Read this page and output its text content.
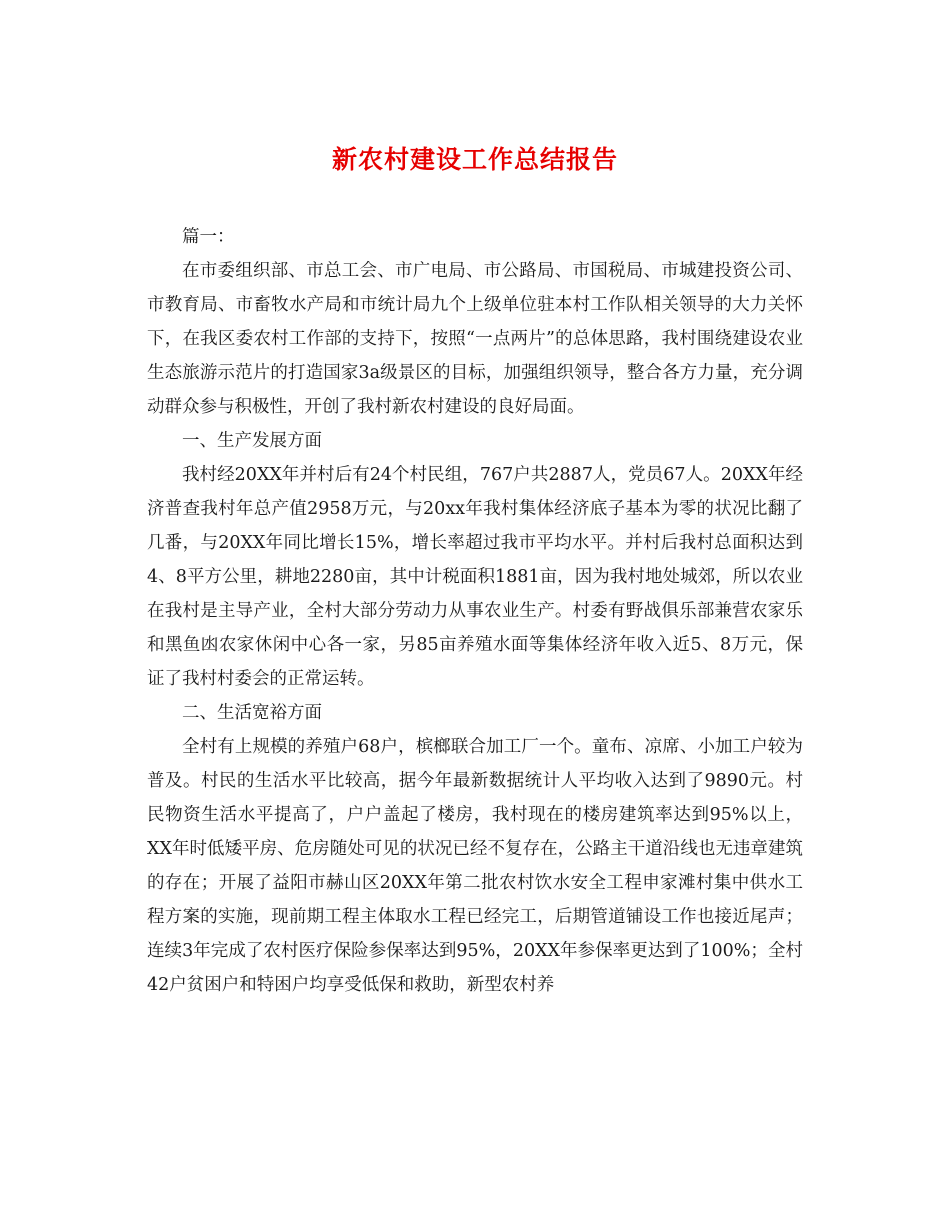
新农村建设工作总结报告

篇一：

在市委组织部、市总工会、市广电局、市公路局、市国税局、市城建投资公司、市教育局、市畜牧水产局和市统计局九个上级单位驻本村工作队相关领导的大力关怀下，在我区委农村工作部的支持下，按照“一点两片”的总体思路，我村围绕建设农业生态旅游示范片的打造国家3a级景区的目标，加强组织领导，整合各方力量，充分调动群众参与积极性，开创了我村新农村建设的良好局面。

一、生产发展方面

我村经20XX年并村后有24个村民组，767户共2887人，党员67人。20XX年经济普查我村年总产值2958万元，与20xx年我村集体经济底子基本为零的状况比翻了几番，与20XX年同比增长15%，增长率超过我市平均水平。并村后我村总面积达到4、8平方公里，耕地2280亩，其中计税面积1881亩，因为我村地处城郊，所以农业在我村是主导产业，全村大部分劳动力从事农业生产。村委有野战俱乐部兼营农家乐和黑鱼凼农家休闲中心各一家，另85亩养殖水面等集体经济年收入近5、8万元，保证了我村村委会的正常运转。

二、生活宽裕方面

全村有上规模的养殖户68户，槟榔联合加工厂一个。童布、凉席、小加工户较为普及。村民的生活水平比较高，据今年最新数据统计人平均收入达到了9890元。村民物资生活水平提高了，户户盖起了楼房，我村现在的楼房建筑率达到95%以上，XX年时低矮平房、危房随处可见的状况已经不复存在，公路主干道沿线也无违章建筑的存在；开展了益阳市赫山区20XX年第二批农村饮水安全工程申家滩村集中供水工程方案的实施，现前期工程主体取水工程已经完工，后期管道铺设工作也接近尾声；连续3年完成了农村医疗保险参保率达到95%，20XX年参保率更达到了100%；全村42户贫困户和特困户均享受低保和救助，新型农村养
